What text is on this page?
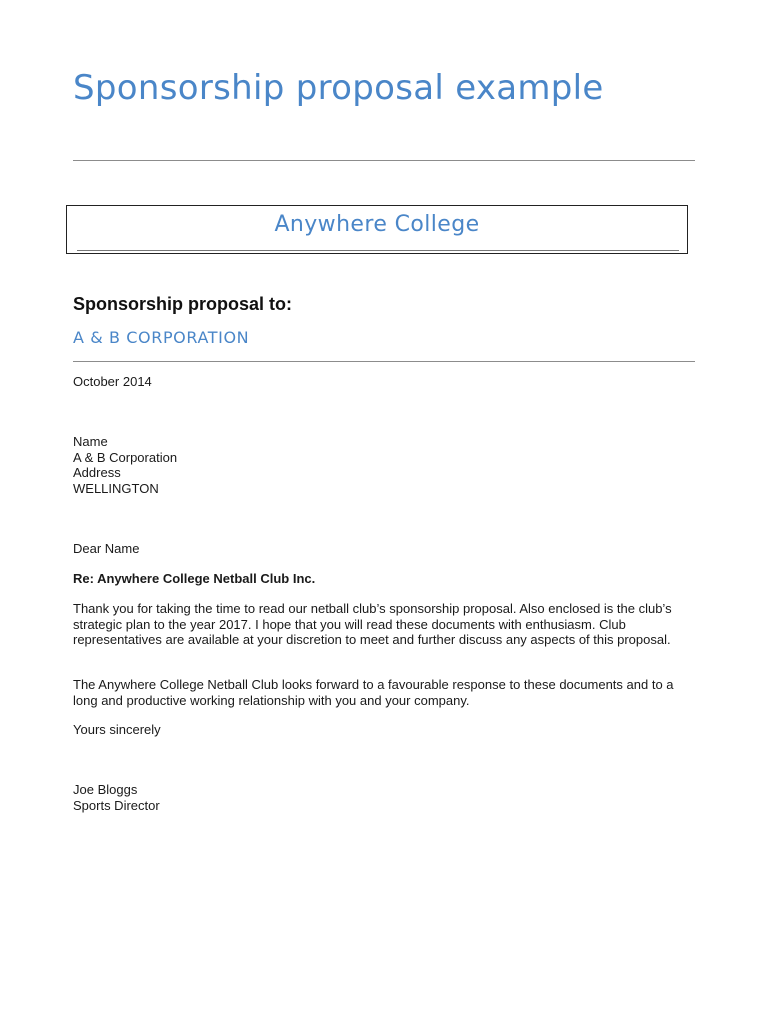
Sponsorship proposal example
Anywhere College
Sponsorship proposal to:
A & B CORPORATION
October 2014
Name
A & B Corporation
Address
WELLINGTON
Dear Name
Re: Anywhere College Netball Club Inc.

Thank you for taking the time to read our netball club’s sponsorship proposal. Also enclosed is the club’s strategic plan to the year 2017. I hope that you will read these documents with enthusiasm. Club representatives are available at your discretion to meet and further discuss any aspects of this proposal.

The Anywhere College Netball Club looks forward to a favourable response to these documents and to a long and productive working relationship with you and your company.

Yours sincerely
Joe Bloggs
Sports Director
